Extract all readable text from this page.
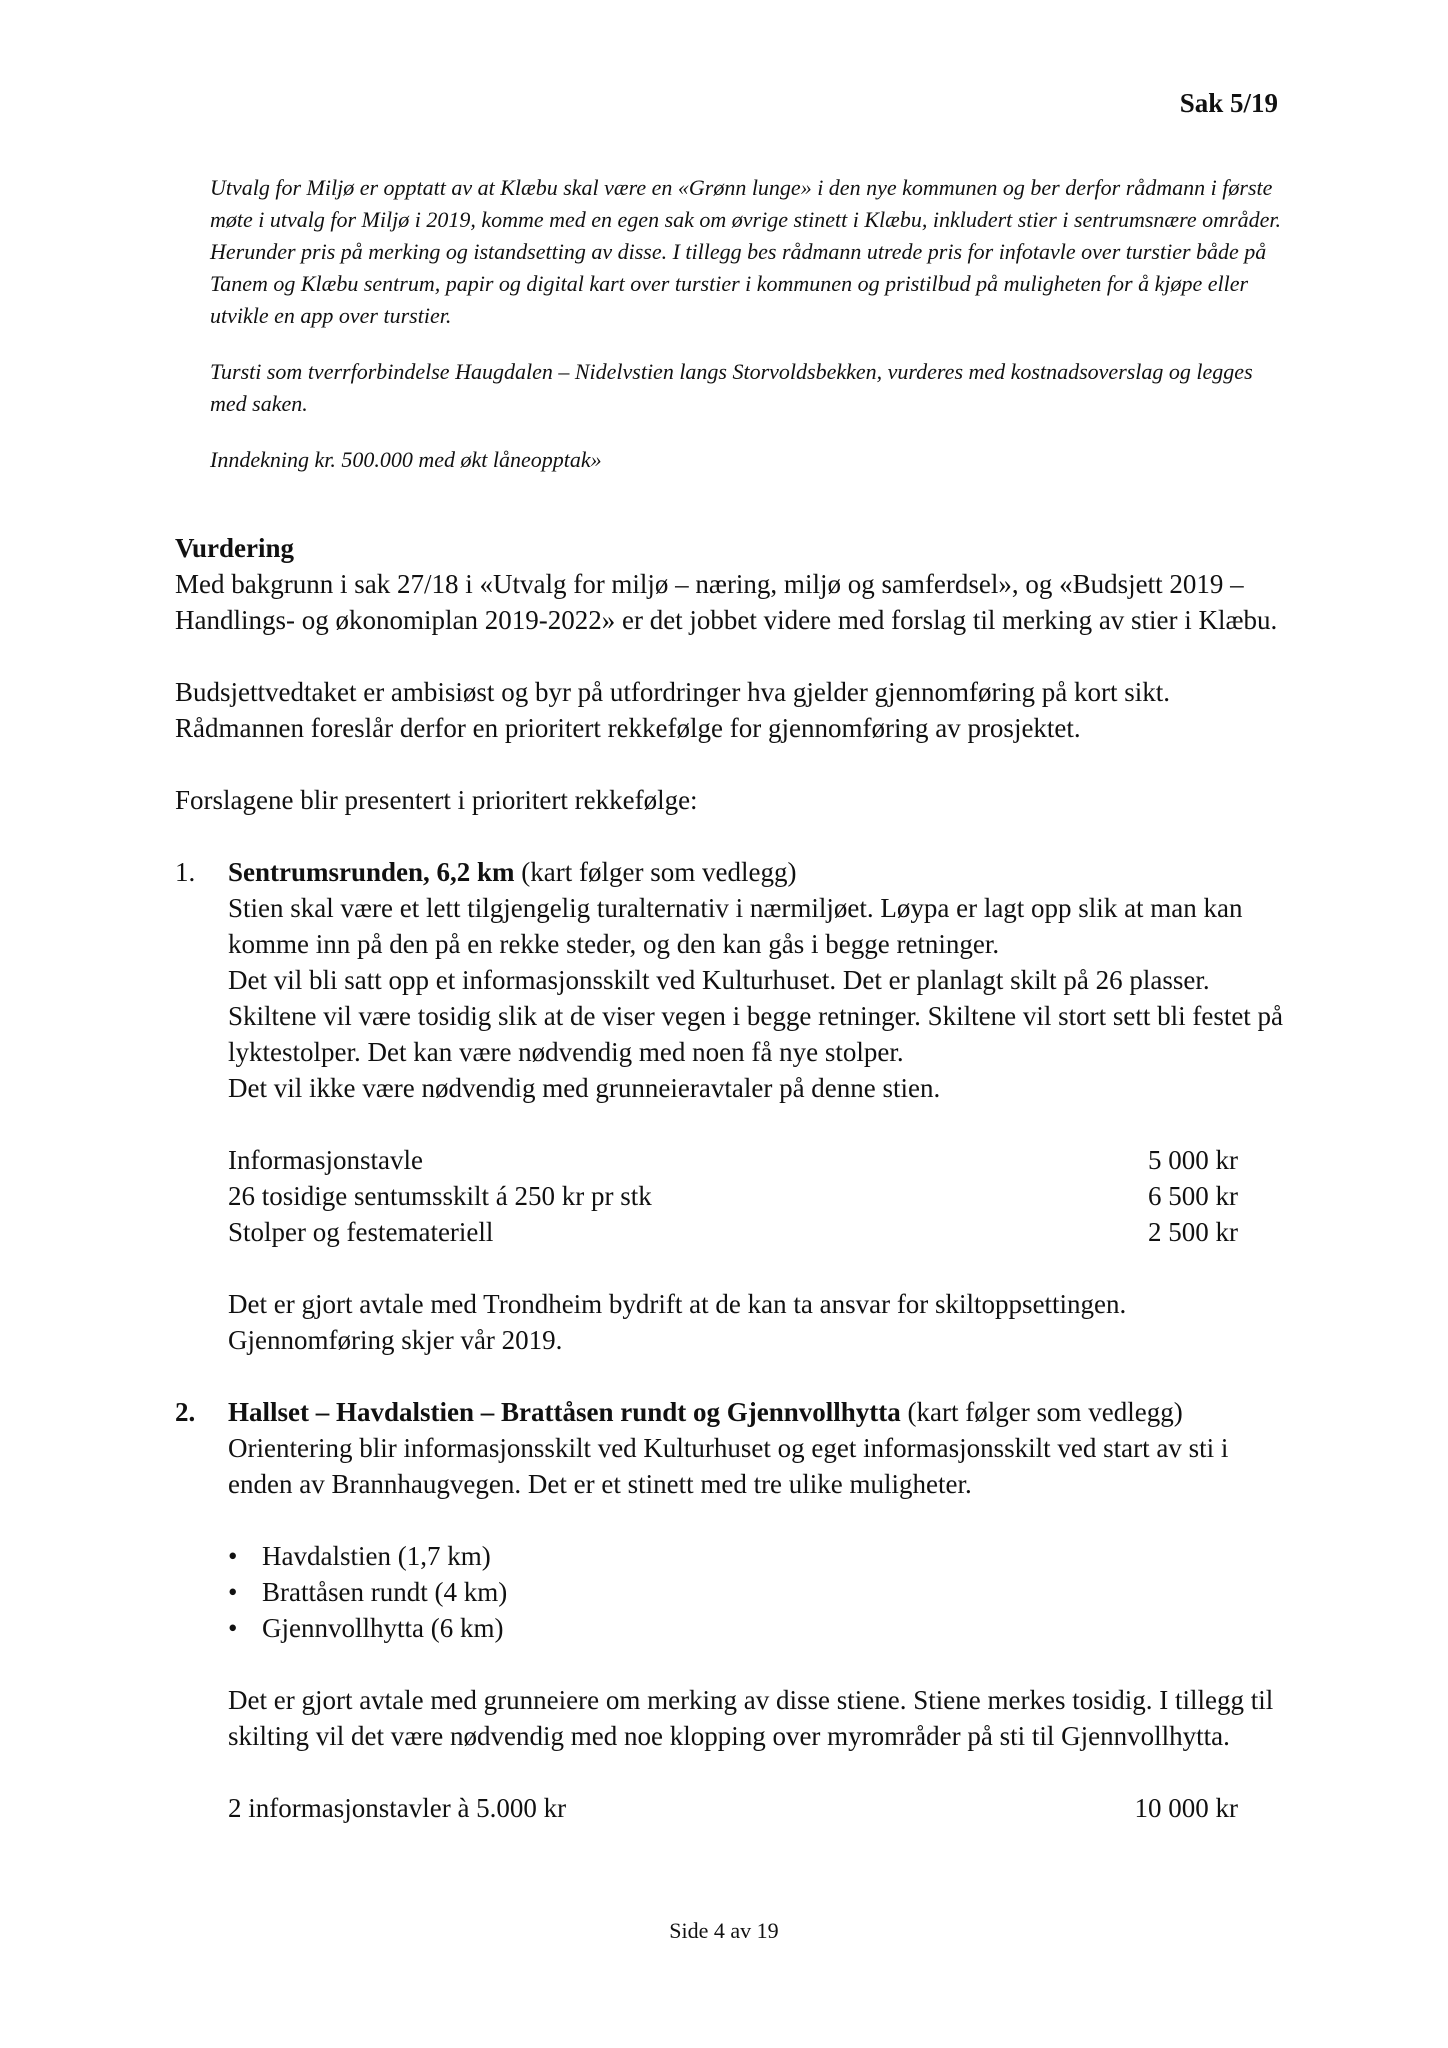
Sak 5/19

Utvalg for Miljø er opptatt av at Klæbu skal være en «Grønn lunge» i den nye kommunen og ber derfor rådmann i første møte i utvalg for Miljø i 2019, komme med en egen sak om øvrige stinett i Klæbu, inkludert stier i sentrumsnære områder. Herunder pris på merking og istandsetting av disse. I tillegg bes rådmann utrede pris for infotavle over turstier både på Tanem og Klæbu sentrum, papir og digital kart over turstier i kommunen og pristilbud på muligheten for å kjøpe eller utvikle en app over turstier.

Tursti som tverrforbindelse Haugdalen – Nidelvstien langs Storvoldsbekken, vurderes med kostnadsoverslag og legges med saken.

Inndekning kr. 500.000 med økt låneopptak»

Vurdering

Med bakgrunn i sak 27/18 i «Utvalg for miljø – næring, miljø og samferdsel», og «Budsjett 2019 – Handlings- og økonomiplan 2019-2022» er det jobbet videre med forslag til merking av stier i Klæbu.

Budsjettvedtaket er ambisiøst og byr på utfordringer hva gjelder gjennomføring på kort sikt. Rådmannen foreslår derfor en prioritert rekkefølge for gjennomføring av prosjektet.

Forslagene blir presentert i prioritert rekkefølge:

1.	Sentrumsrunden, 6,2 km (kart følger som vedlegg)

Stien skal være et lett tilgjengelig turalternativ i nærmiljøet. Løypa er lagt opp slik at man kan komme inn på den på en rekke steder, og den kan gås i begge retninger.

Det vil bli satt opp et informasjonsskilt ved Kulturhuset. Det er planlagt skilt på 26 plasser. Skiltene vil være tosidig slik at de viser vegen i begge retninger. Skiltene vil stort sett bli festet på lyktestolper. Det kan være nødvendig med noen få nye stolper.

Det vil ikke være nødvendig med grunneieravtaler på denne stien.

Informasjonstavle	5 000 kr
26 tosidige sentumsskilt á 250 kr pr stk	6 500 kr
Stolper og festemateriell	2 500 kr

Det er gjort avtale med Trondheim bydrift at de kan ta ansvar for skiltoppsettingen. Gjennomføring skjer vår 2019.

2.	Hallset – Havdalstien – Brattåsen rundt og Gjennvollhytta (kart følger som vedlegg)

Orientering blir informasjonsskilt ved Kulturhuset og eget informasjonsskilt ved start av sti i enden av Brannhaugvegen. Det er et stinett med tre ulike muligheter.

• Havdalstien (1,7 km)
• Brattåsen rundt (4 km)
• Gjennvollhytta (6 km)

Det er gjort avtale med grunneiere om merking av disse stiene. Stiene merkes tosidig. I tillegg til skilting vil det være nødvendig med noe klopping over myrområder på sti til Gjennvollhytta.

2 informasjonstavler à 5.000 kr	10 000 kr
Side 4 av 19
